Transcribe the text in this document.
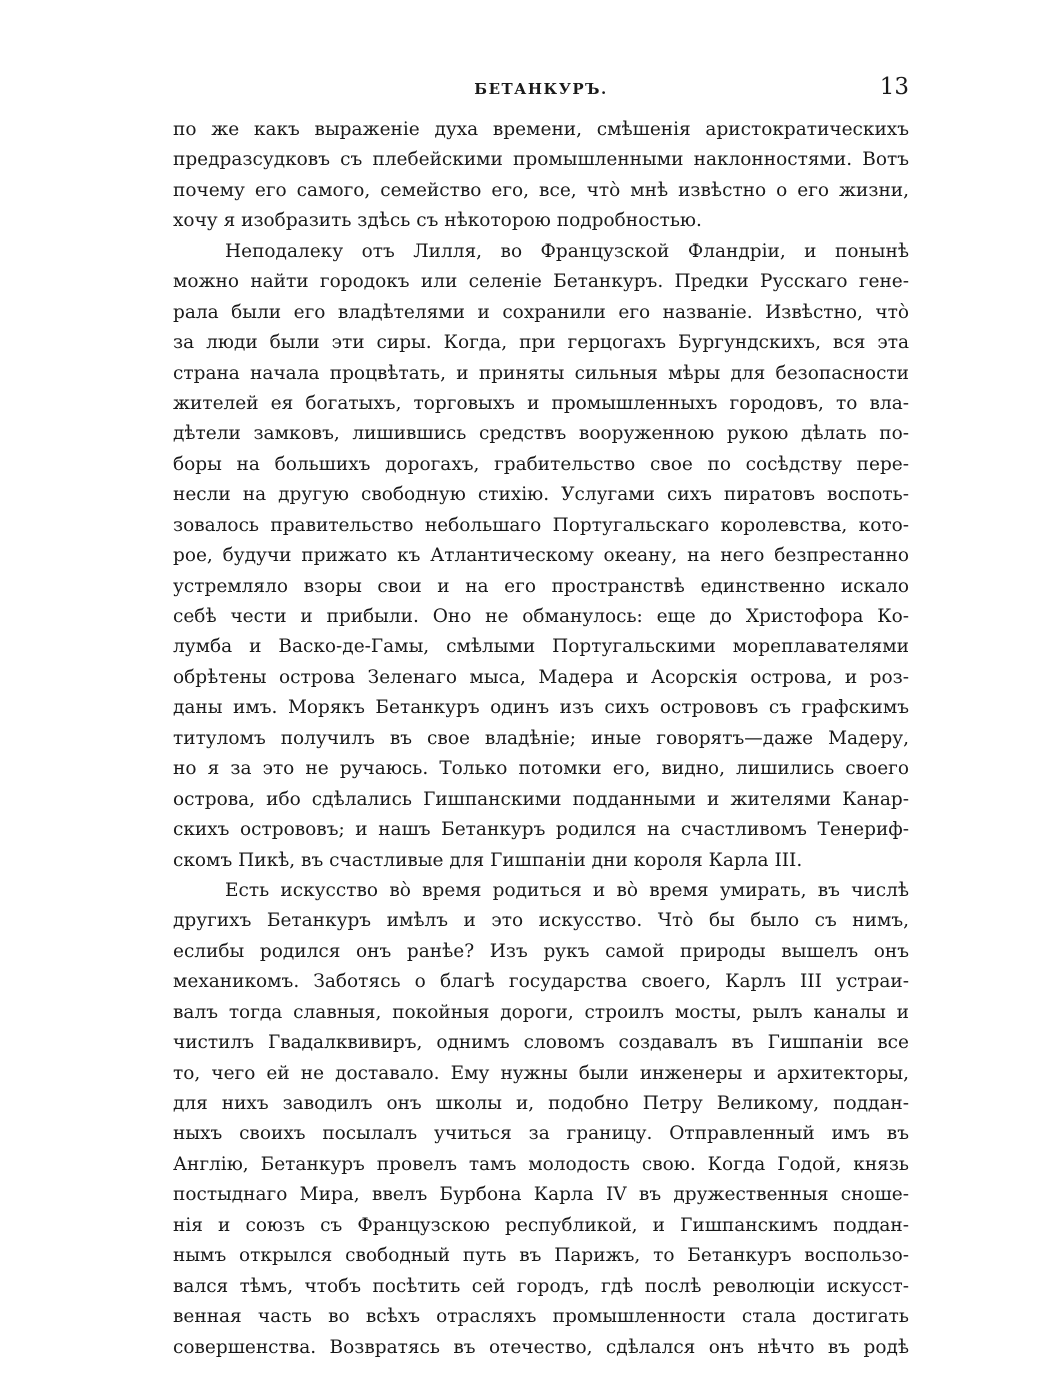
БЕТАНКУРЪ.	13
по же какъ выраженіе духа времени, смѣшенія аристократическихъ
предразсудковъ съ плебейскими промышленными наклонностями. Вотъ
почему его самого, семейство его, все, что̀ мнѣ извѣстно о его жизни,
хочу я изобразить здѣсь съ нѣкоторою подробностью.
Неподалеку отъ Лилля, во Французской Фландріи, и понынѣ
можно найти городокъ или селеніе Бетанкуръ. Предки Русскаго гене-
рала были его владѣтелями и сохранили его названіе. Извѣстно, что̀
за люди были эти сиры. Когда, при герцогахъ Бургундскихъ, вся эта
страна начала процвѣтать, и приняты сильныя мѣры для безопасности
жителей ея богатыхъ, торговыхъ и промышленныхъ городовъ, то вла-
дѣтели замковъ, лишившись средствъ вооруженною рукою дѣлать по-
боры на большихъ дорогахъ, грабительство свое по сосѣдству пере-
несли на другую свободную стихію. Услугами сихъ пиратовъ воспоть-
зовалось правительство небольшаго Португальскаго королевства, кото-
рое, будучи прижато къ Атлантическому океану, на него безпрестанно
устремляло взоры свои и на его пространствѣ единственно искало
себѣ чести и прибыли. Оно не обманулось: еще до Христофора Ко-
лумба и Васко-де-Гамы, смѣлыми Португальскими мореплавателями
обрѣтены острова Зеленаго мыса, Мадера и Асорскія острова, и роз-
даны имъ. Морякъ Бетанкуръ одинъ изъ сихъ острововъ съ графскимъ
титуломъ получилъ въ свое владѣніе; иные говорятъ—даже Мадеру,
но я за это не ручаюсь. Только потомки его, видно, лишились своего
острова, ибо сдѣлались Гишпанскими подданными и жителями Канар-
скихъ острововъ; и нашъ Бетанкуръ родился на счастливомъ Тенериф-
скомъ Пикѣ, въ счастливые для Гишпаніи дни короля Карла III.
Есть искусство во̀ время родиться и во̀ время умирать, въ числѣ
другихъ Бетанкуръ имѣлъ и это искусство. Что̀ бы было съ нимъ,
еслибы родился онъ ранѣе? Изъ рукъ самой природы вышелъ онъ
механикомъ. Заботясь о благѣ государства своего, Карлъ III устраи-
валъ тогда славныя, покойныя дороги, строилъ мосты, рылъ каналы и
чистилъ Гвадалквивиръ, однимъ словомъ создавалъ въ Гишпаніи все
то, чего ей не доставало. Ему нужны были инженеры и архитекторы,
для нихъ заводилъ онъ школы и, подобно Петру Великому, поддан-
ныхъ своихъ посылалъ учиться за границу. Отправленный имъ въ
Англію, Бетанкуръ провелъ тамъ молодость свою. Когда Годой, князь
постыднаго Мира, ввелъ Бурбона Карла IV въ дружественныя сноше-
нія и союзъ съ Французскою республикой, и Гишпанскимъ поддан-
нымъ открылся свободный путь въ Парижъ, то Бетанкуръ воспользо-
вался тѣмъ, чтобъ посѣтить сей городъ, гдѣ послѣ революціи искусст-
венная часть во всѣхъ отрасляхъ промышленности стала достигать
совершенства. Возвратясь въ отечество, сдѣлался онъ нѣчто въ родѣ
